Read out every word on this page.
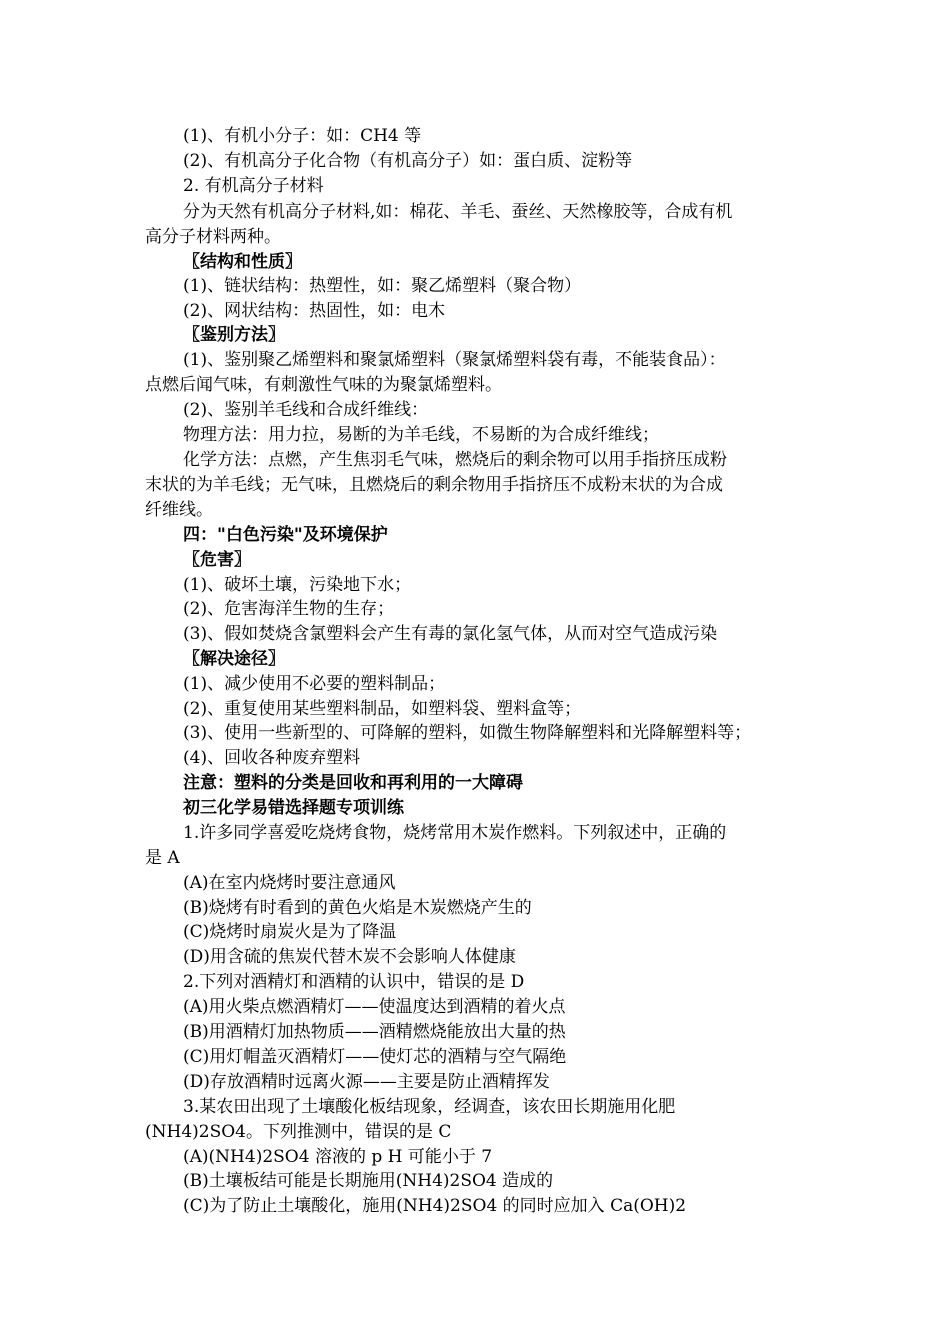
(1)、有机小分子：如：CH4 等
(2)、有机高分子化合物（有机高分子）如：蛋白质、淀粉等
2. 有机高分子材料
分为天然有机高分子材料,如：棉花、羊毛、蚕丝、天然橡胶等，合成有机
高分子材料两种。
〖结构和性质〗
(1)、链状结构：热塑性，如：聚乙烯塑料（聚合物）
(2)、网状结构：热固性，如：电木
〖鉴别方法〗
(1)、鉴别聚乙烯塑料和聚氯烯塑料（聚氯烯塑料袋有毒，不能装食品）：
点燃后闻气味，有刺激性气味的为聚氯烯塑料。
(2)、鉴别羊毛线和合成纤维线：
物理方法：用力拉，易断的为羊毛线，不易断的为合成纤维线；
化学方法：点燃，产生焦羽毛气味，燃烧后的剩余物可以用手指挤压成粉
末状的为羊毛线；无气味，且燃烧后的剩余物用手指挤压不成粉末状的为合成
纤维线。
四："白色污染"及环境保护
〖危害〗
(1)、破坏土壤，污染地下水；
(2)、危害海洋生物的生存；
(3)、假如焚烧含氯塑料会产生有毒的氯化氢气体，从而对空气造成污染
〖解决途径〗
(1)、减少使用不必要的塑料制品；
(2)、重复使用某些塑料制品，如塑料袋、塑料盒等；
(3)、使用一些新型的、可降解的塑料，如微生物降解塑料和光降解塑料等；
(4)、回收各种废弃塑料
注意：塑料的分类是回收和再利用的一大障碍
初三化学易错选择题专项训练
1.许多同学喜爱吃烧烤食物，烧烤常用木炭作燃料。下列叙述中，正确的
是 A
(A)在室内烧烤时要注意通风
(B)烧烤有时看到的黄色火焰是木炭燃烧产生的
(C)烧烤时扇炭火是为了降温
(D)用含硫的焦炭代替木炭不会影响人体健康
2.下列对酒精灯和酒精的认识中，错误的是 D
(A)用火柴点燃酒精灯——使温度达到酒精的着火点
(B)用酒精灯加热物质——酒精燃烧能放出大量的热
(C)用灯帽盖灭酒精灯——使灯芯的酒精与空气隔绝
(D)存放酒精时远离火源——主要是防止酒精挥发
3.某农田出现了土壤酸化板结现象，经调查，该农田长期施用化肥
(NH4)2SO4。下列推测中，错误的是 C
(A)(NH4)2SO4 溶液的 p H 可能小于 7
(B)土壤板结可能是长期施用(NH4)2SO4 造成的
(C)为了防止土壤酸化，施用(NH4)2SO4 的同时应加入 Ca(OH)2
